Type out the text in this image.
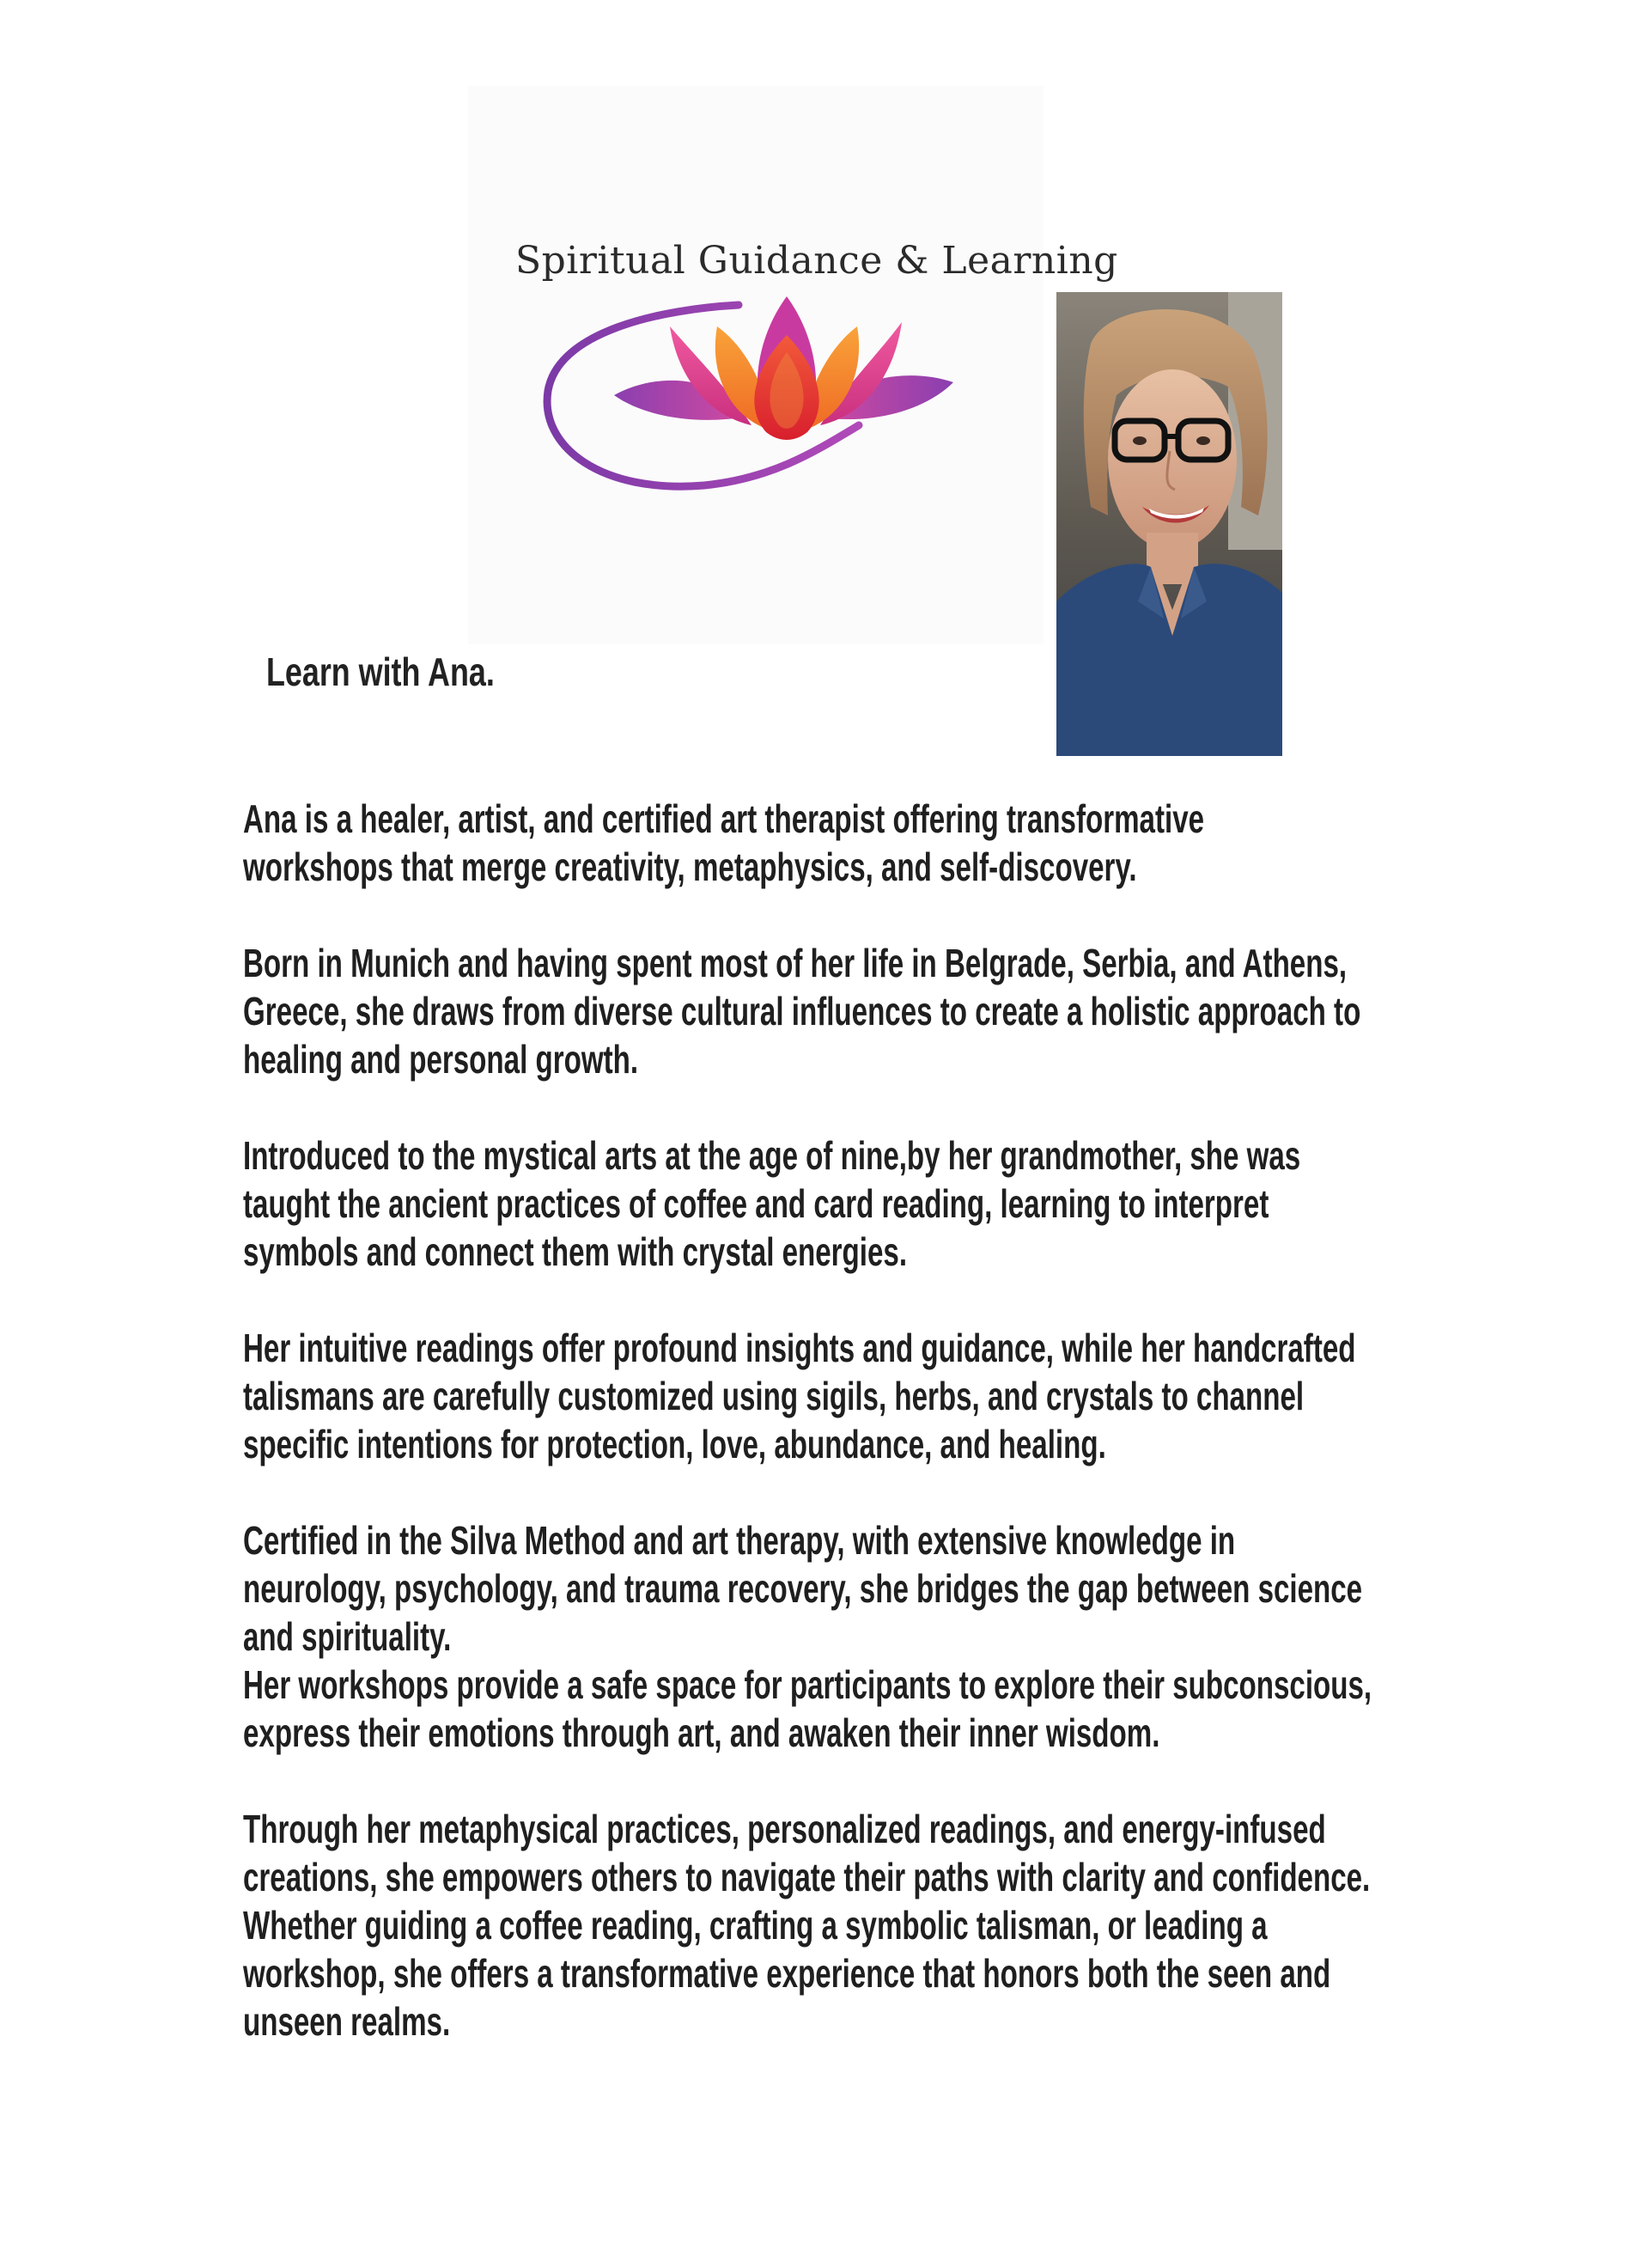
Spiritual Guidance & Learning
Learn with Ana.

Ana is a healer, artist, and certified art therapist offering transformative
workshops that merge creativity, metaphysics, and self-discovery.

Born in Munich and having spent most of her life in Belgrade, Serbia, and Athens,
Greece, she draws from diverse cultural influences to create a holistic approach to
healing and personal growth.

Introduced to the mystical arts at the age of nine,by her grandmother, she was
taught the ancient practices of coffee and card reading, learning to interpret
symbols and connect them with crystal energies.

Her intuitive readings offer profound insights and guidance, while her handcrafted
talismans are carefully customized using sigils, herbs, and crystals to channel
specific intentions for protection, love, abundance, and healing.

Certified in the Silva Method and art therapy, with extensive knowledge in
neurology, psychology, and trauma recovery, she bridges the gap between science
and spirituality.
Her workshops provide a safe space for participants to explore their subconscious,
express their emotions through art, and awaken their inner wisdom.

Through her metaphysical practices, personalized readings, and energy-infused
creations, she empowers others to navigate their paths with clarity and confidence.
Whether guiding a coffee reading, crafting a symbolic talisman, or leading a
workshop, she offers a transformative experience that honors both the seen and
unseen realms.
